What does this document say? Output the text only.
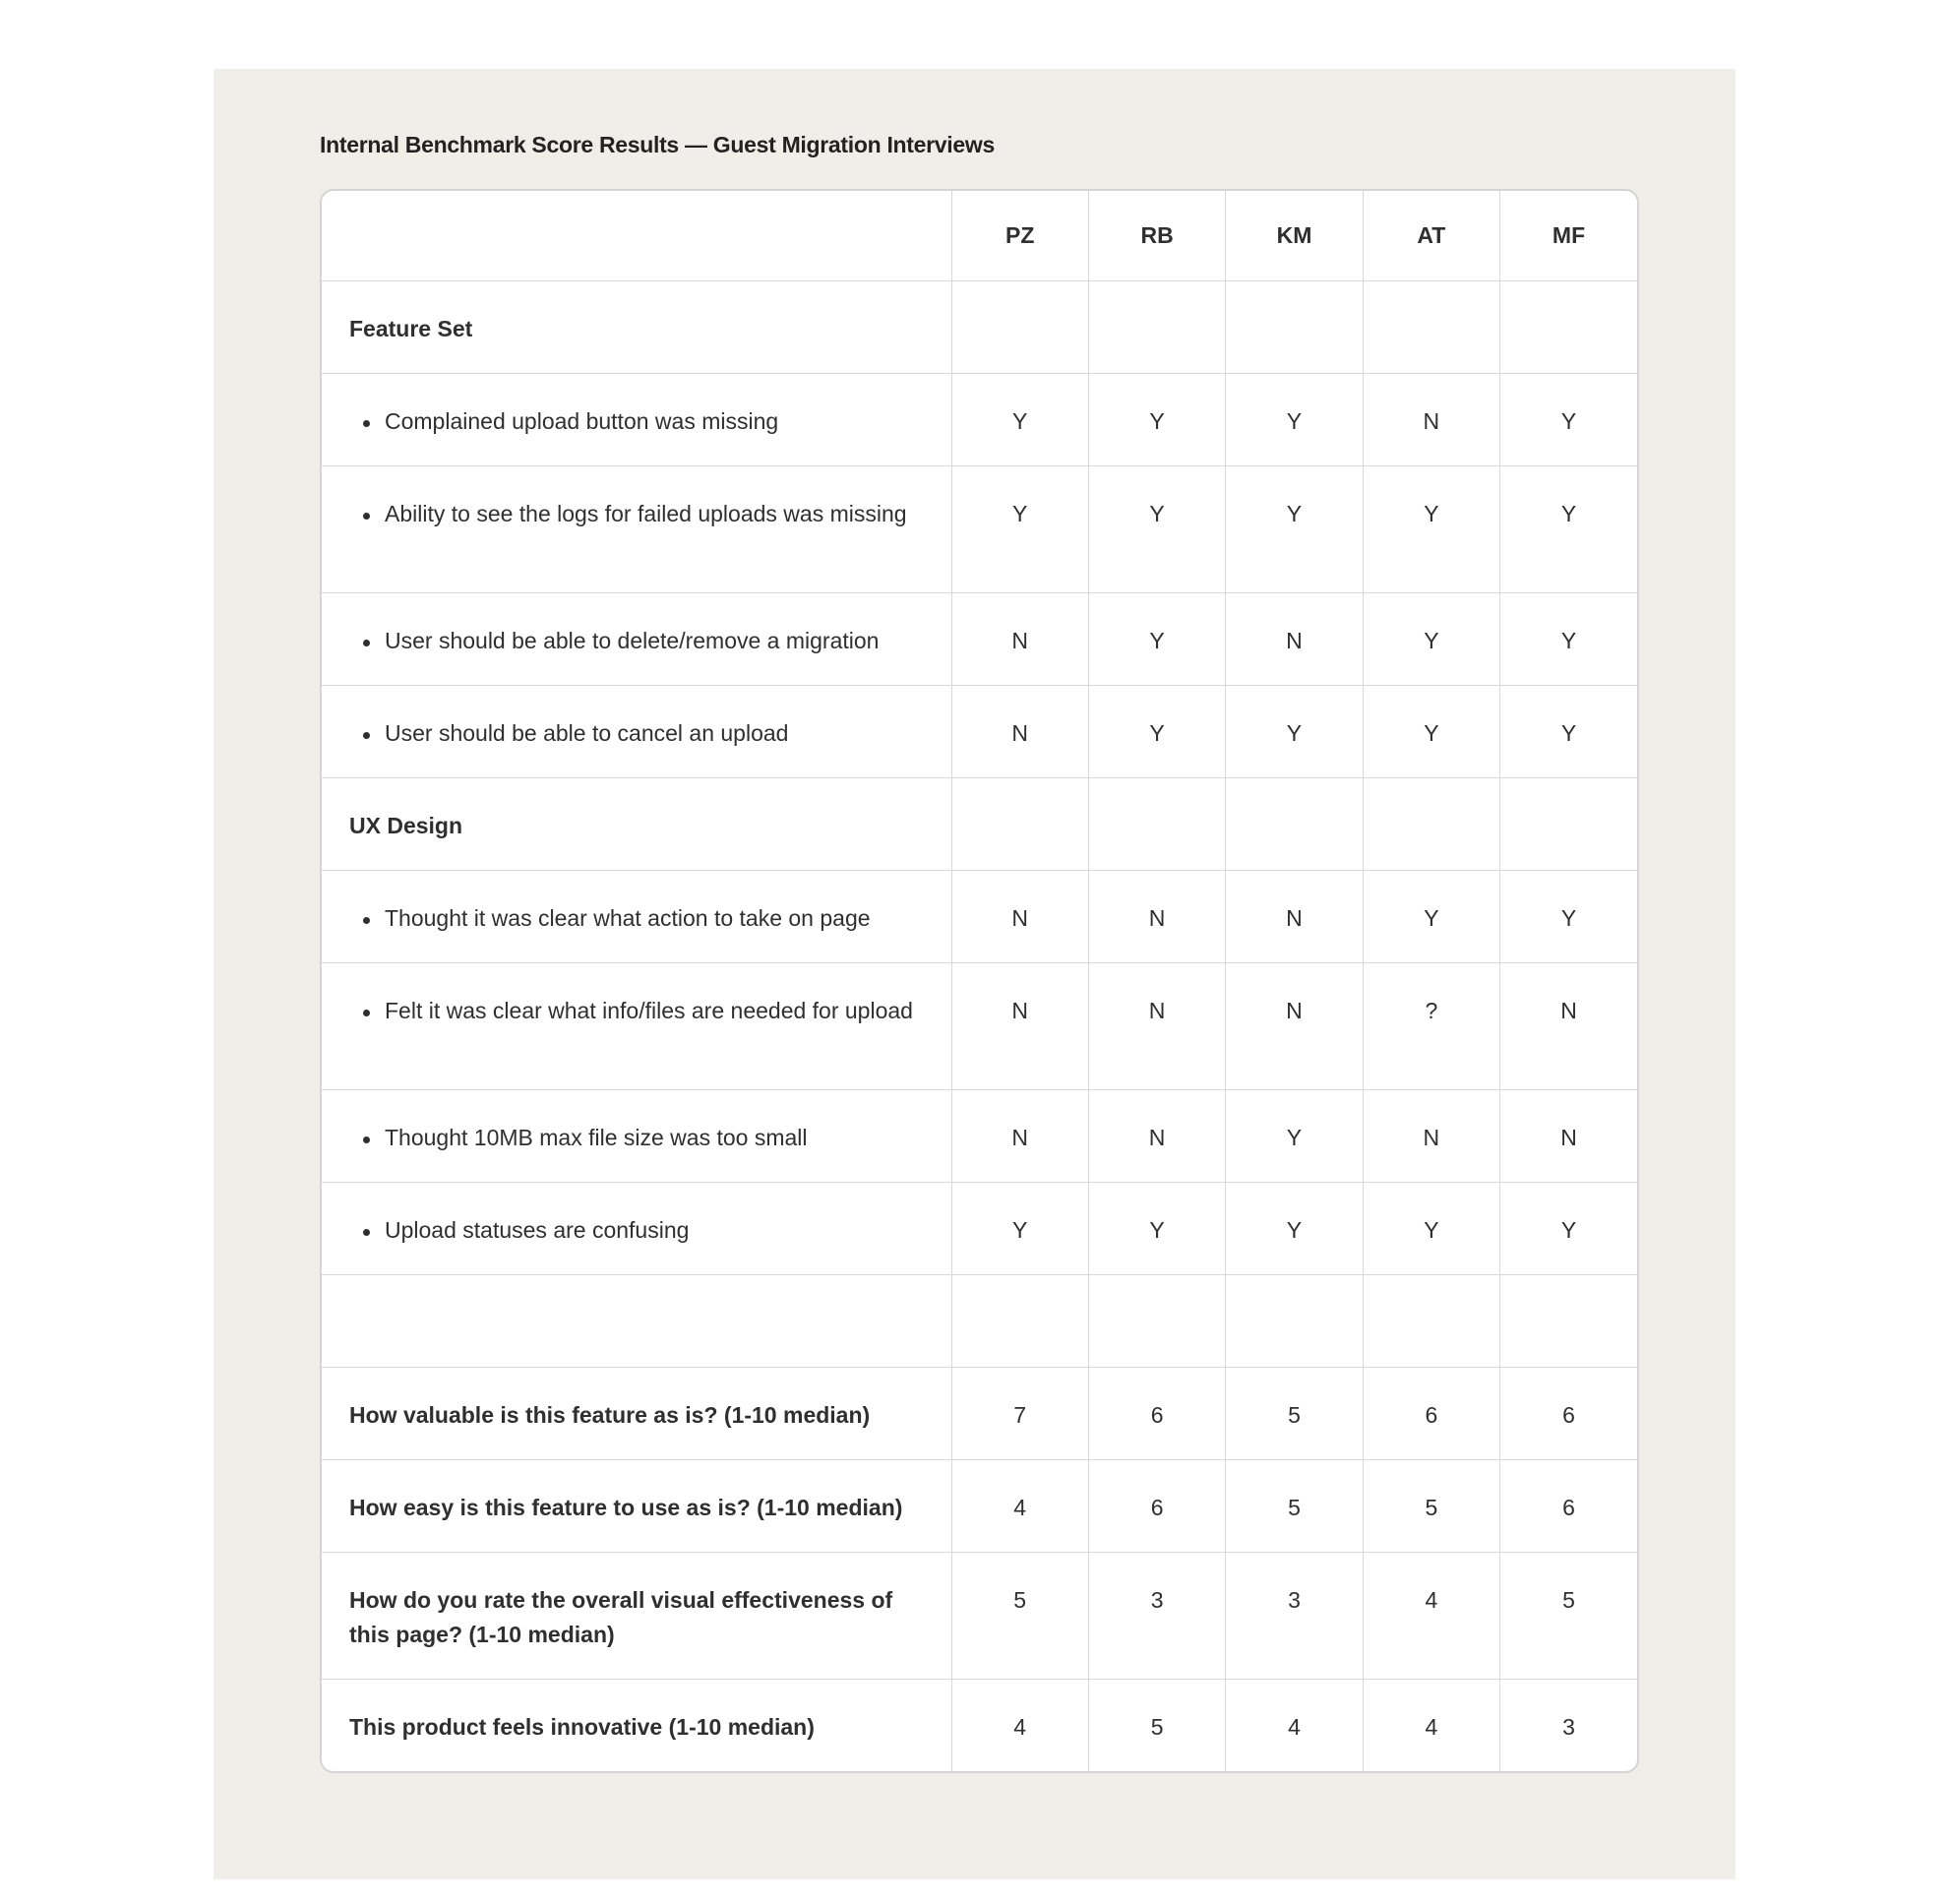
Internal Benchmark Score Results — Guest Migration Interviews
	PZ	RB	KM	AT	MF

Feature Set					

Complained upload button was missing	Y	Y	Y	N	Y

Ability to see the logs for failed uploads was missing	Y	Y	Y	Y	Y

User should be able to delete/remove a migration	N	Y	N	Y	Y

User should be able to cancel an upload	N	Y	Y	Y	Y

UX Design					

Thought it was clear what action to take on page	N	N	N	Y	Y

Felt it was clear what info/files are needed for upload	N	N	N	?	N

Thought 10MB max file size was too small	N	N	Y	N	N

Upload statuses are confusing	Y	Y	Y	Y	Y

How valuable is this feature as is? (1-10 median)	7	6	5	6	6

How easy is this feature to use as is? (1-10 median)	4	6	5	5	6

How do you rate the overall visual effectiveness of this page? (1-10 median)	5	3	3	4	5

This product feels innovative (1-10 median)	4	5	4	4	3
